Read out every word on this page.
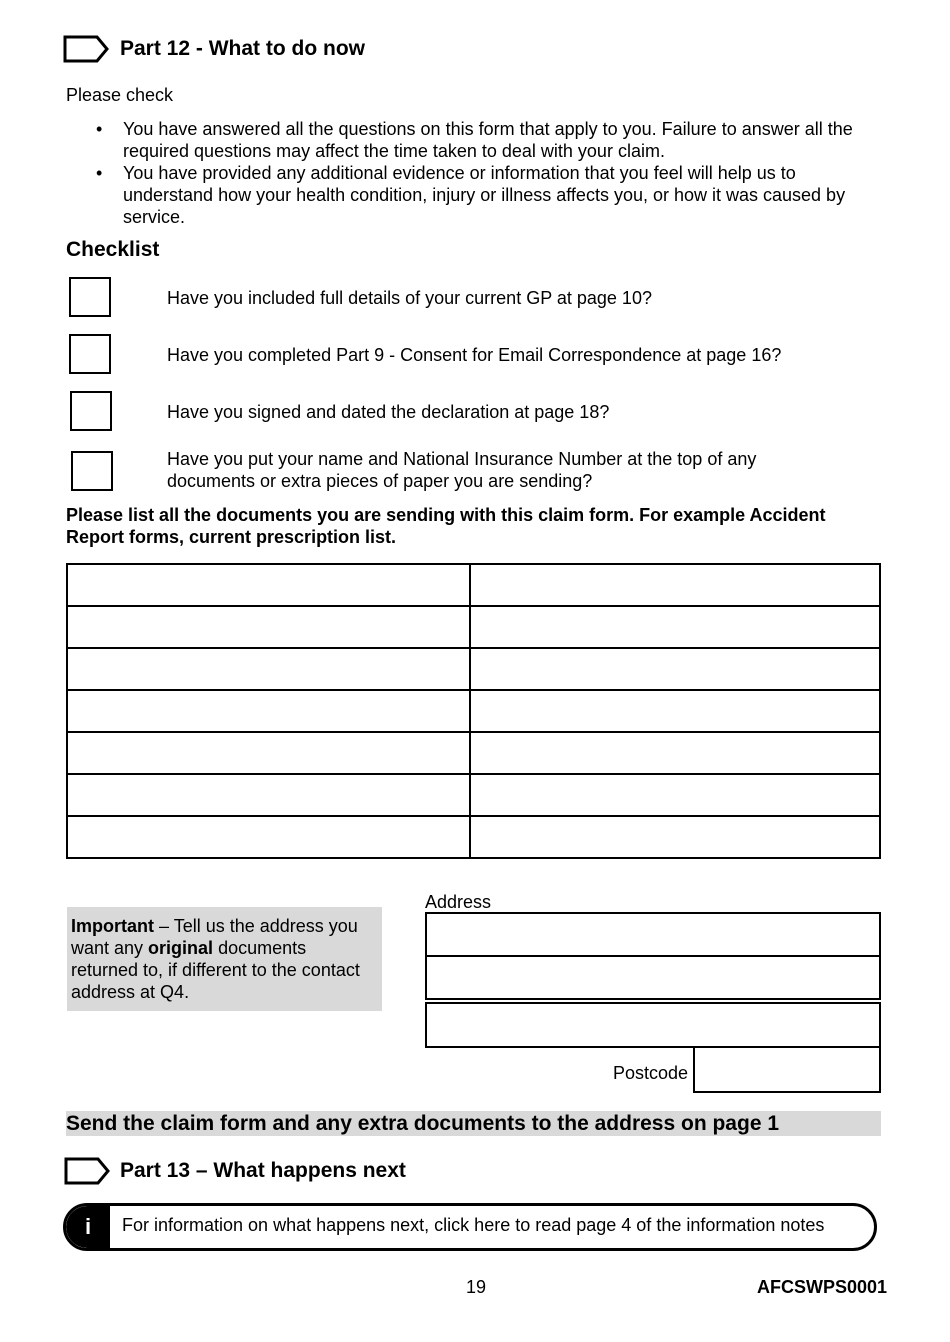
Part 12 - What to do now
Please check
• You have answered all the questions on this form that apply to you. Failure to answer all the required questions may affect the time taken to deal with your claim.
• You have provided any additional evidence or information that you feel will help us to understand how your health condition, injury or illness affects you, or how it was caused by service.
Checklist
Have you included full details of your current GP at page 10?
Have you completed Part 9 - Consent for Email Correspondence at page 16?
Have you signed and dated the declaration at page 18?
Have you put your name and National Insurance Number at the top of any documents or extra pieces of paper you are sending?
Please list all the documents you are sending with this claim form. For example Accident Report forms, current prescription list.

Important – Tell us the address you want any original documents returned to, if different to the contact address at Q4.
Address
Postcode
Send the claim form and any extra documents to the address on page 1
Part 13 – What happens next
i	For information on what happens next, click here to read page 4 of the information notes
19	AFCSWPS0001
